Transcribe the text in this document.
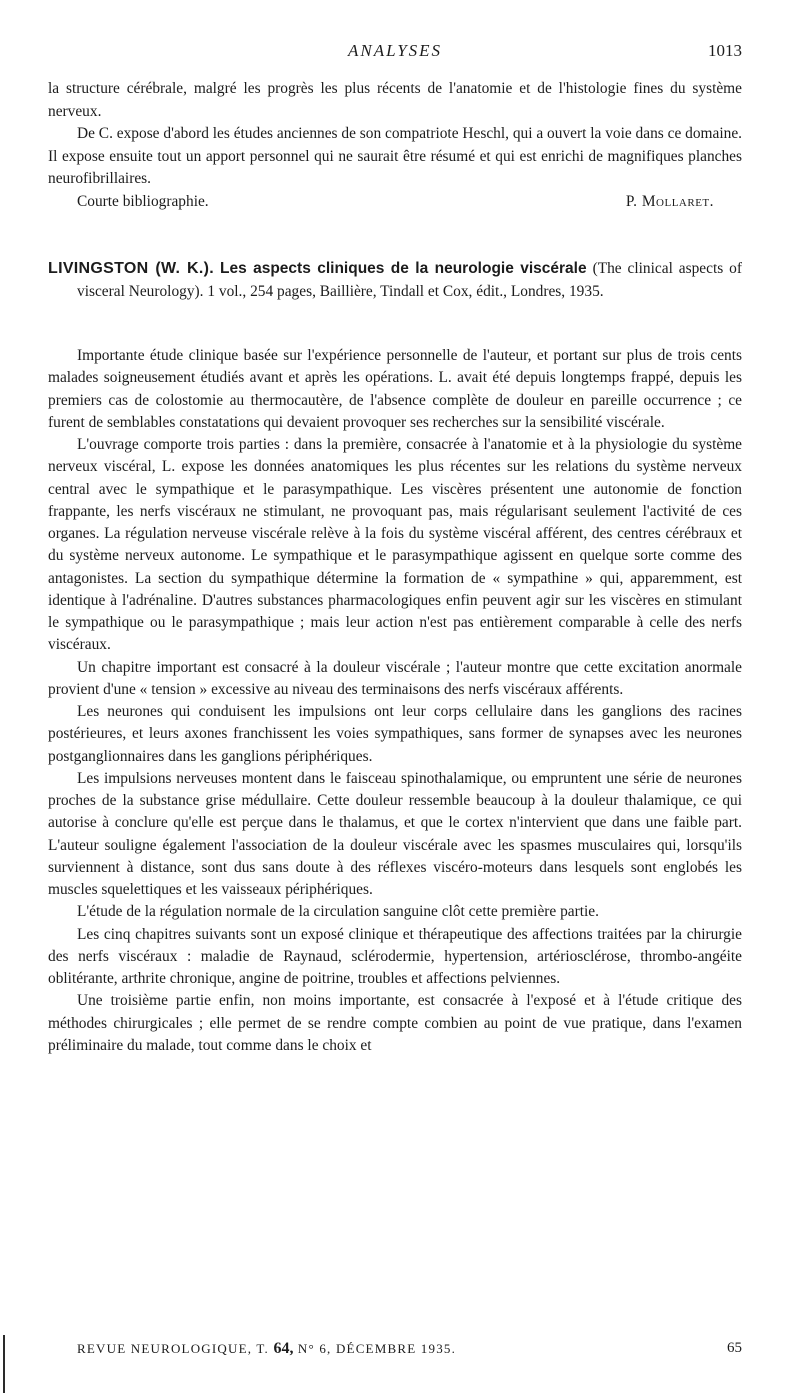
ANALYSES	1013

la structure cérébrale, malgré les progrès les plus récents de l'anatomie et de l'histologie fines du système nerveux.

De C. expose d'abord les études anciennes de son compatriote Heschl, qui a ouvert la voie dans ce domaine. Il expose ensuite tout un apport personnel qui ne saurait être résumé et qui est enrichi de magnifiques planches neurofibrillaires.

Courte bibliographie.	P. Mollaret.

LIVINGSTON (W. K.). Les aspects cliniques de la neurologie viscérale (The clinical aspects of visceral Neurology). 1 vol., 254 pages, Baillière, Tindall et Cox, édit., Londres, 1935.

Importante étude clinique basée sur l'expérience personnelle de l'auteur, et portant sur plus de trois cents malades soigneusement étudiés avant et après les opérations. L. avait été depuis longtemps frappé, depuis les premiers cas de colostomie au thermocautère, de l'absence complète de douleur en pareille occurrence ; ce furent de semblables constatations qui devaient provoquer ses recherches sur la sensibilité viscérale.

L'ouvrage comporte trois parties : dans la première, consacrée à l'anatomie et à la physiologie du système nerveux viscéral, L. expose les données anatomiques les plus récentes sur les relations du système nerveux central avec le sympathique et le parasympathique. Les viscères présentent une autonomie de fonction frappante, les nerfs viscéraux ne stimulant, ne provoquant pas, mais régularisant seulement l'activité de ces organes. La régulation nerveuse viscérale relève à la fois du système viscéral afférent, des centres cérébraux et du système nerveux autonome. Le sympathique et le parasympathique agissent en quelque sorte comme des antagonistes. La section du sympathique détermine la formation de « sympathine » qui, apparemment, est identique à l'adrénaline. D'autres substances pharmacologiques enfin peuvent agir sur les viscères en stimulant le sympathique ou le parasympathique ; mais leur action n'est pas entièrement comparable à celle des nerfs viscéraux.

Un chapitre important est consacré à la douleur viscérale ; l'auteur montre que cette excitation anormale provient d'une « tension » excessive au niveau des terminaisons des nerfs viscéraux afférents.

Les neurones qui conduisent les impulsions ont leur corps cellulaire dans les ganglions des racines postérieures, et leurs axones franchissent les voies sympathiques, sans former de synapses avec les neurones postganglionnaires dans les ganglions périphériques.

Les impulsions nerveuses montent dans le faisceau spinothalamique, ou empruntent une série de neurones proches de la substance grise médullaire. Cette douleur ressemble beaucoup à la douleur thalamique, ce qui autorise à conclure qu'elle est perçue dans le thalamus, et que le cortex n'intervient que dans une faible part. L'auteur souligne également l'association de la douleur viscérale avec les spasmes musculaires qui, lorsqu'ils surviennent à distance, sont dus sans doute à des réflexes viscéro-moteurs dans lesquels sont englobés les muscles squelettiques et les vaisseaux périphériques.

L'étude de la régulation normale de la circulation sanguine clôt cette première partie.

Les cinq chapitres suivants sont un exposé clinique et thérapeutique des affections traitées par la chirurgie des nerfs viscéraux : maladie de Raynaud, sclérodermie, hypertension, artériosclérose, thrombo-angéite oblitérante, arthrite chronique, angine de poitrine, troubles et affections pelviennes.

Une troisième partie enfin, non moins importante, est consacrée à l'exposé et à l'étude critique des méthodes chirurgicales ; elle permet de se rendre compte combien au point de vue pratique, dans l'examen préliminaire du malade, tout comme dans le choix et

REVUE NEUROLOGIQUE, T. 64, N° 6, DÉCEMBRE 1935.	65
